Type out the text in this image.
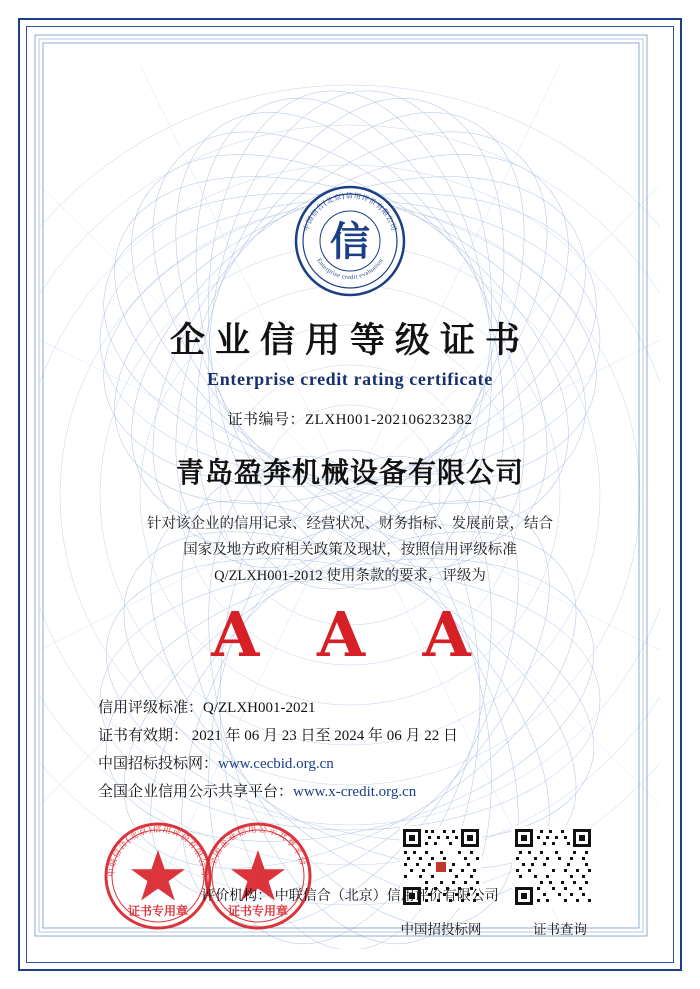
中国信合(北京)信用评价有限公司
Enterprise credit evaluation
信
企业信用等级证书
Enterprise credit rating certificate
证书编号：ZLXH001-202106232382
青岛盈奔机械设备有限公司
针对该企业的信用记录、经营状况、财务指标、发展前景，结合
国家及地方政府相关政策及现状，按照信用评级标准
Q/ZLXH001-2012 使用条款的要求，评级为
A A A
信用评级标准：Q/ZLXH001-2021
证书有效期： 2021 年 06 月 23 日至 2024 年 06 月 22 日
中国招标投标网：www.cecbid.org.cn
全国企业信用公示共享平台：www.x-credit.org.cn
中联信合(北京)信用评价有限公司
证书专用章
全国企业信用公示共享平台
证书专用章
中国招投标网	证书查询
评价机构： 中联信合（北京）信用评价有限公司
